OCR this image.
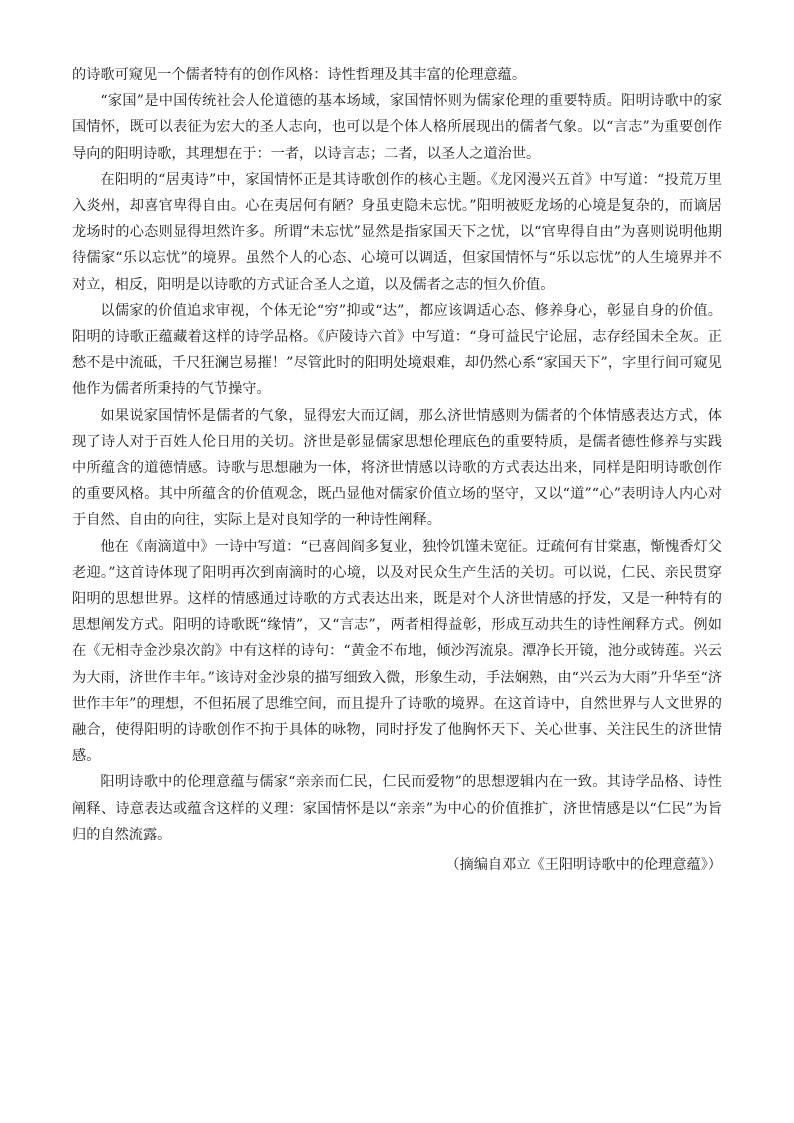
的诗歌可窥见一个儒者特有的创作风格：诗性哲理及其丰富的伦理意蕴。

“家国”是中国传统社会人伦道德的基本场域，家国情怀则为儒家伦理的重要特质。阳明诗歌中的家国情怀，既可以表征为宏大的圣人志向，也可以是个体人格所展现出的儒者气象。以“言志”为重要创作导向的阳明诗歌，其理想在于：一者，以诗言志；二者，以圣人之道治世。

在阳明的“居夷诗”中，家国情怀正是其诗歌创作的核心主题。《龙冈漫兴五首》中写道：“投荒万里入炎州，却喜官卑得自由。心在夷居何有陋？身虽吏隐未忘忧。”阳明被贬龙场的心境是复杂的，而谪居龙场时的心态则显得坦然许多。所谓“未忘忧”显然是指家国天下之忧，以“官卑得自由”为喜则说明他期待儒家“乐以忘忧”的境界。虽然个人的心态、心境可以调适，但家国情怀与“乐以忘忧”的人生境界并不对立，相反，阳明是以诗歌的方式证合圣人之道，以及儒者之志的恒久价值。

以儒家的价值追求审视，个体无论“穷”抑或“达”，都应该调适心态、修养身心，彰显自身的价值。阳明的诗歌正蕴藏着这样的诗学品格。《庐陵诗六首》中写道：“身可益民宁论屈，志存经国未全灰。正愁不是中流砥，千尺狂澜岂易摧！”尽管此时的阳明处境艰难，却仍然心系“家国天下”，字里行间可窥见他作为儒者所秉持的气节操守。

如果说家国情怀是儒者的气象，显得宏大而辽阔，那么济世情感则为儒者的个体情感表达方式，体现了诗人对于百姓人伦日用的关切。济世是彰显儒家思想伦理底色的重要特质，是儒者德性修养与实践中所蕴含的道德情感。诗歌与思想融为一体，将济世情感以诗歌的方式表达出来，同样是阳明诗歌创作的重要风格。其中所蕴含的价值观念，既凸显他对儒家价值立场的坚守，又以“道”“心”表明诗人内心对于自然、自由的向往，实际上是对良知学的一种诗性阐释。

他在《南滴道中》一诗中写道：“已喜闾阎多复业，独怜饥馑未宽征。迂疏何有甘棠惠，惭愧香灯父老迎。”这首诗体现了阳明再次到南滴时的心境，以及对民众生产生活的关切。可以说，仁民、亲民贯穿阳明的思想世界。这样的情感通过诗歌的方式表达出来，既是对个人济世情感的抒发，又是一种特有的思想阐发方式。阳明的诗歌既“缘情”，又“言志”，两者相得益彰，形成互动共生的诗性阐释方式。例如在《无相寺金沙泉次韵》中有这样的诗句：“黄金不布地，倾沙泻流泉。潭净长开镜，池分或铸莲。兴云为大雨，济世作丰年。”该诗对金沙泉的描写细致入微，形象生动，手法娴熟，由“兴云为大雨”升华至“济世作丰年”的理想，不但拓展了思维空间，而且提升了诗歌的境界。在这首诗中，自然世界与人文世界的融合，使得阳明的诗歌创作不拘于具体的咏物，同时抒发了他胸怀天下、关心世事、关注民生的济世情感。

阳明诗歌中的伦理意蕴与儒家“亲亲而仁民，仁民而爱物”的思想逻辑内在一致。其诗学品格、诗性阐释、诗意表达或蕴含这样的义理：家国情怀是以“亲亲”为中心的价值推扩，济世情感是以“仁民”为旨归的自然流露。

（摘编自邓立《王阳明诗歌中的伦理意蕴》）
